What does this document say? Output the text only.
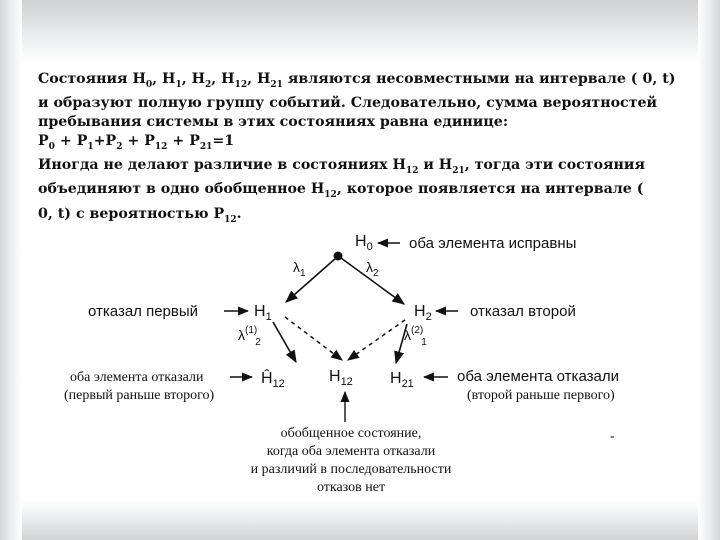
Состояния $Н_0$, $Н_1$, $Н_2$, $Н_{12}$, $Н_{21}$ являются несовместными на интервале ( 0, t)

и образуют полную группу событий. Следовательно, сумма вероятностей

пребывания системы в этих состояниях равна единице:

$P_0 + P_1+P_2 + P_{12} + P_{21}=1$

Иногда не делают различие в состояниях $Н_{12}$ и $Н_{21}$, тогда эти состояния

объединяют в одно обобщенное $Н_{12}$, которое появляется на интервале (

0, t) с вероятностью $P_{12}$.

$H_0$
$H_1$	$H_2$
$Ĥ_{12}$	$H_{12}$ $H_{21}$
$\lambda_1$	$\lambda_2$
$\lambda^{(1)}$ 2	$\lambda^{(2)}$ 1
оба элемента исправны
отказал первый	отказал второй
оба элемента отказали
(первый раньше второго)
оба элемента отказали
(второй раньше первого)
обобщенное состояние,
когда оба элемента отказали
и различий в последовательности
отказов нет
-
